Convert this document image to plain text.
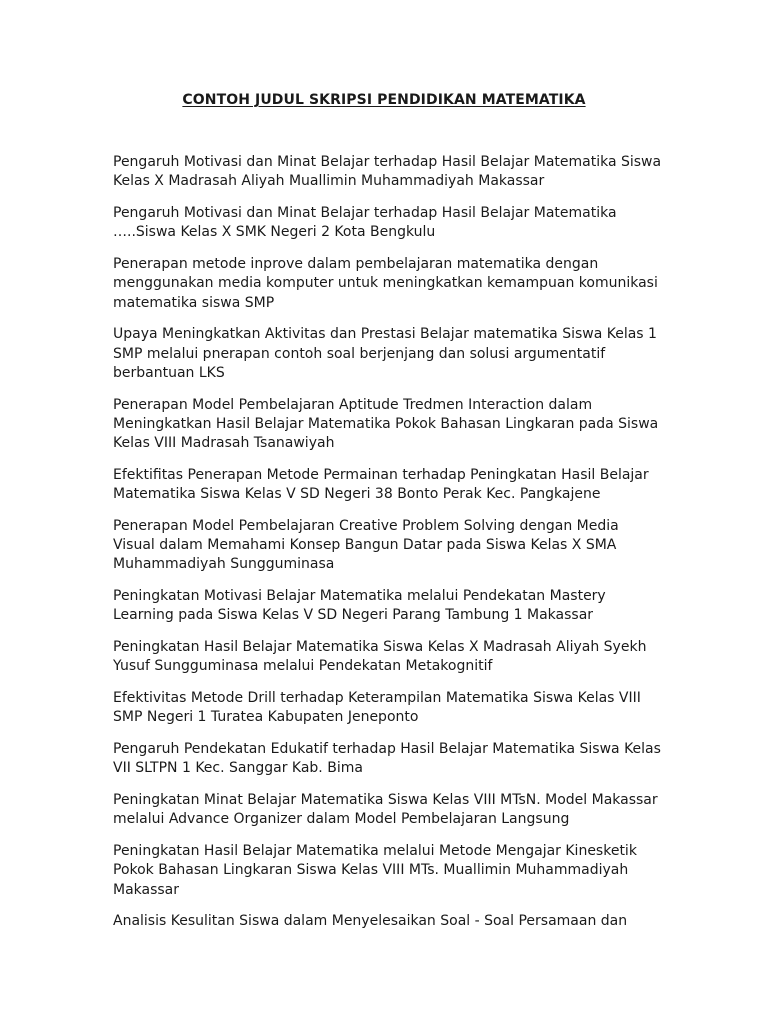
CONTOH JUDUL SKRIPSI PENDIDIKAN MATEMATIKA
Pengaruh Motivasi dan Minat Belajar terhadap Hasil Belajar Matematika Siswa
Kelas X Madrasah Aliyah Muallimin Muhammadiyah Makassar
Pengaruh Motivasi dan Minat Belajar terhadap Hasil Belajar Matematika
…..Siswa Kelas X SMK Negeri 2 Kota Bengkulu
Penerapan metode inprove dalam pembelajaran matematika dengan
menggunakan media komputer untuk meningkatkan kemampuan komunikasi
matematika siswa SMP
Upaya Meningkatkan Aktivitas dan Prestasi Belajar matematika Siswa Kelas 1
SMP melalui pnerapan contoh soal berjenjang dan solusi argumentatif
berbantuan LKS
Penerapan Model Pembelajaran Aptitude Tredmen Interaction dalam
Meningkatkan Hasil Belajar Matematika Pokok Bahasan Lingkaran pada Siswa
Kelas VIII Madrasah Tsanawiyah
Efektifitas Penerapan Metode Permainan terhadap Peningkatan Hasil Belajar
Matematika Siswa Kelas V SD Negeri 38 Bonto Perak Kec. Pangkajene
Penerapan Model Pembelajaran Creative Problem Solving dengan Media
Visual dalam Memahami Konsep Bangun Datar pada Siswa Kelas X SMA
Muhammadiyah Sungguminasa
Peningkatan Motivasi Belajar Matematika melalui Pendekatan Mastery
Learning pada Siswa Kelas V SD Negeri Parang Tambung 1 Makassar
Peningkatan Hasil Belajar Matematika Siswa Kelas X Madrasah Aliyah Syekh
Yusuf Sungguminasa melalui Pendekatan Metakognitif
Efektivitas Metode Drill terhadap Keterampilan Matematika Siswa Kelas VIII
SMP Negeri 1 Turatea Kabupaten Jeneponto
Pengaruh Pendekatan Edukatif terhadap Hasil Belajar Matematika Siswa Kelas
VII SLTPN 1 Kec. Sanggar Kab. Bima
Peningkatan Minat Belajar Matematika Siswa Kelas VIII MTsN. Model Makassar
melalui Advance Organizer dalam Model Pembelajaran Langsung
Peningkatan Hasil Belajar Matematika melalui Metode Mengajar Kinesketik
Pokok Bahasan Lingkaran Siswa Kelas VIII MTs. Muallimin Muhammadiyah
Makassar
Analisis Kesulitan Siswa dalam Menyelesaikan Soal - Soal Persamaan dan
